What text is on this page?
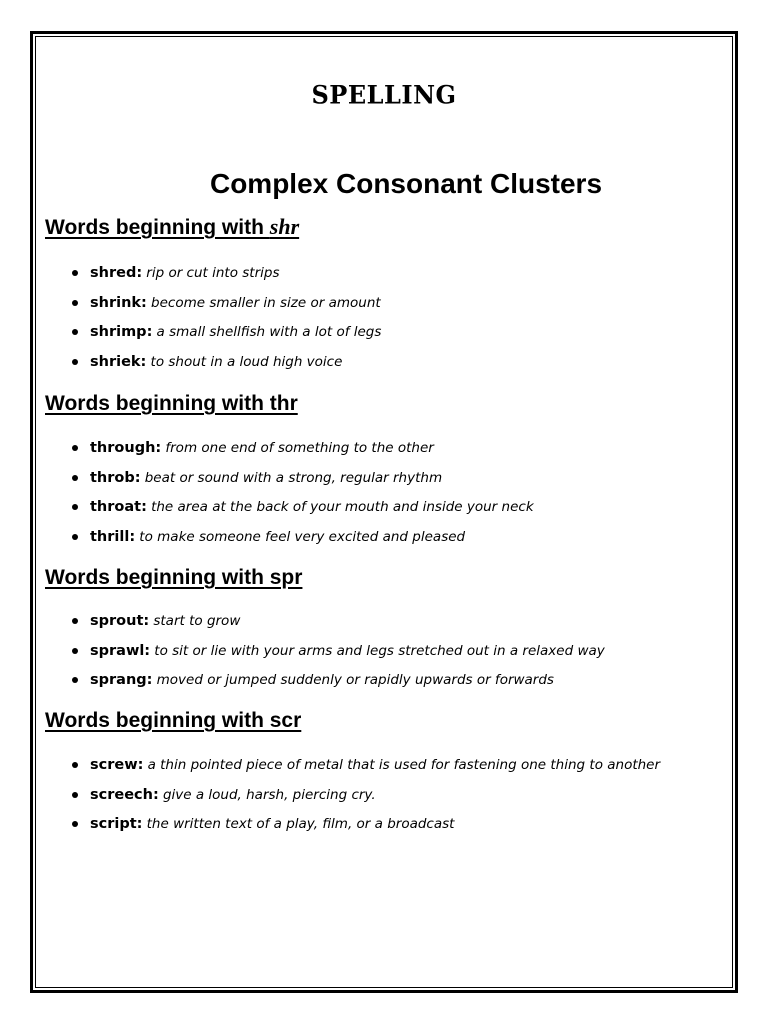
SPELLING
Complex Consonant Clusters
Words beginning with shr
shred: rip or cut into strips
shrink: become smaller in size or amount
shrimp: a small shellfish with a lot of legs
shriek: to shout in a loud high voice
Words beginning with thr
through: from one end of something to the other
throb: beat or sound with a strong, regular rhythm
throat: the area at the back of your mouth and inside your neck
thrill: to make someone feel very excited and pleased
Words beginning with spr
sprout: start to grow
sprawl: to sit or lie with your arms and legs stretched out in a relaxed way
sprang: moved or jumped suddenly or rapidly upwards or forwards
Words beginning with scr
screw: a thin pointed piece of metal that is used for fastening one thing to another
screech: give a loud, harsh, piercing cry.
script: the written text of a play, film, or a broadcast
